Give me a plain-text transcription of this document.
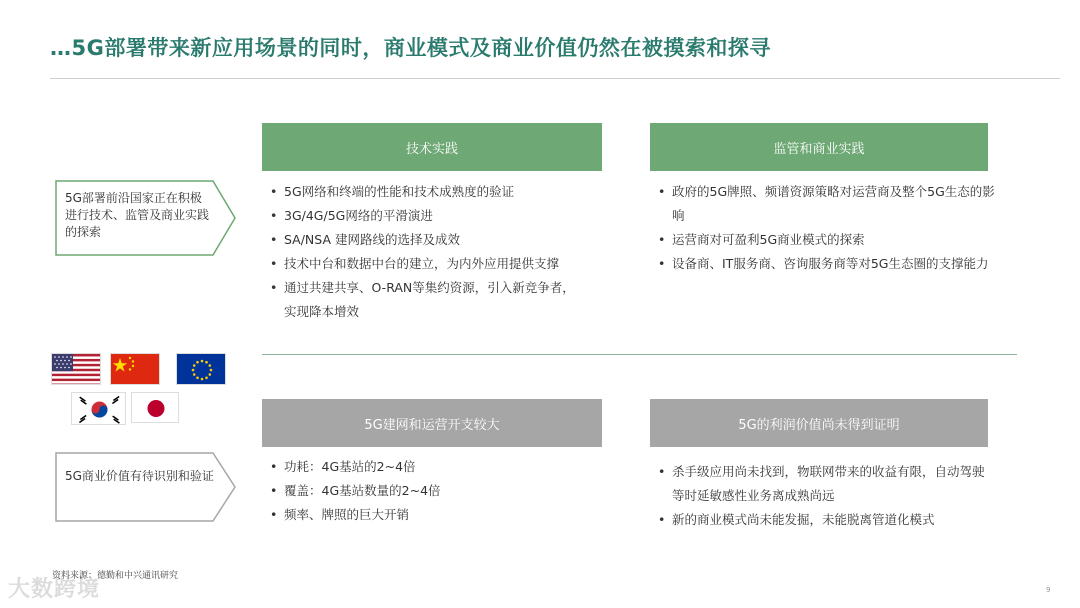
…5G部署带来新应用场景的同时，商业模式及商业价值仍然在被摸索和探寻
5G部署前沿国家正在积极进行技术、监管及商业实践的探索
技术实践
• 5G网络和终端的性能和技术成熟度的验证
• 3G/4G/5G网络的平滑演进
• SA/NSA 建网路线的选择及成效
• 技术中台和数据中台的建立，为内外应用提供支撑
• 通过共建共享、O-RAN等集约资源，引入新竞争者，实现降本增效
监管和商业实践
• 政府的5G牌照、频谱资源策略对运营商及整个5G生态的影响
• 运营商对可盈利5G商业模式的探索
• 设备商、IT服务商、咨询服务商等对5G生态圈的支撑能力
5G商业价值有待识别和验证
5G建网和运营开支较大
• 功耗：4G基站的2~4倍
• 覆盖：4G基站数量的2~4倍
• 频率、牌照的巨大开销
5G的利润价值尚未得到证明
• 杀手级应用尚未找到，物联网带来的收益有限，自动驾驶等时延敏感性业务离成熟尚远
• 新的商业模式尚未能发掘，未能脱离管道化模式
大数跨境
资料来源：德勤和中兴通讯研究
9
